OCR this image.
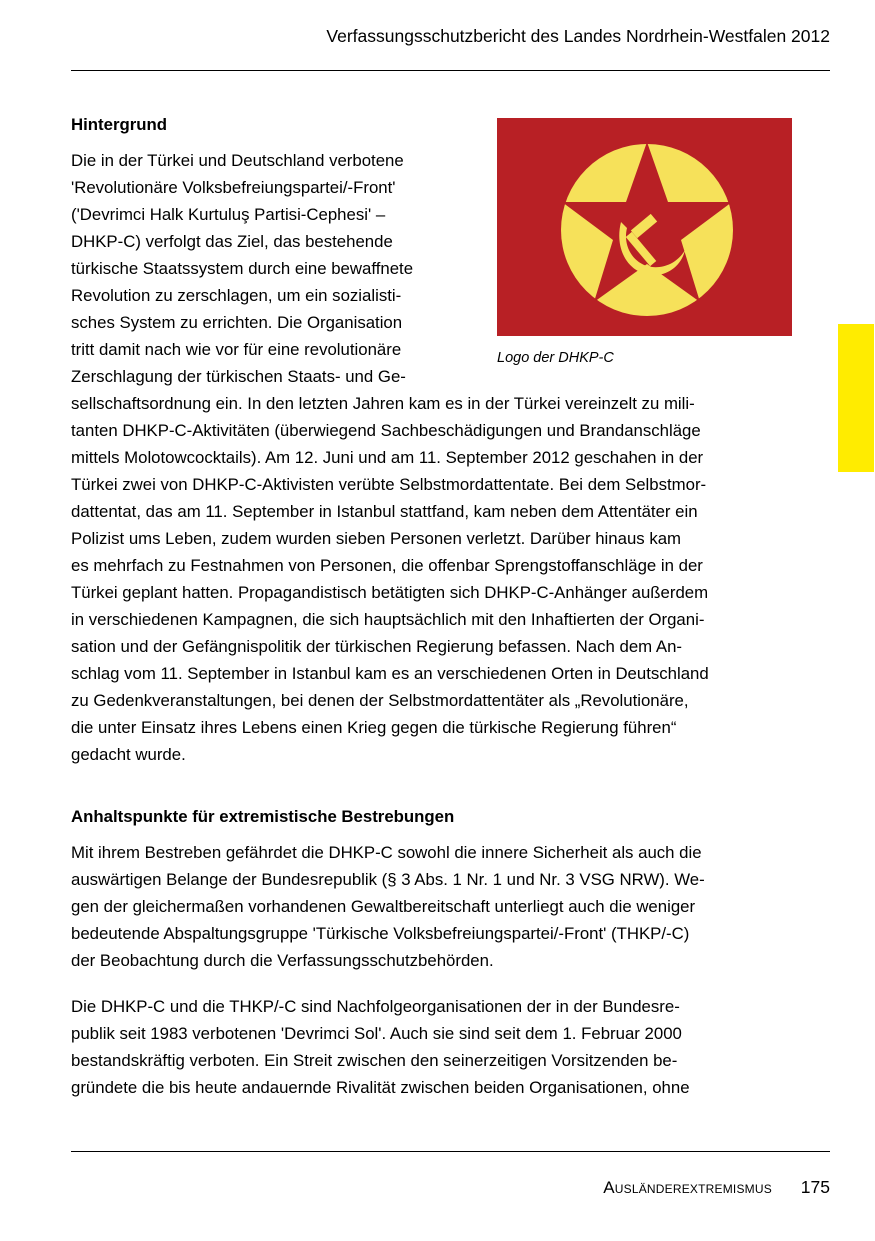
Verfassungsschutzbericht des Landes Nordrhein-Westfalen 2012
Logo der DHKP-C
Hintergrund

Die in der Türkei und Deutschland verbotene
'Revolutionäre Volksbefreiungspartei/-Front'
('Devrimci Halk Kurtuluş Partisi-Cephesi' –
DHKP-C) verfolgt das Ziel, das bestehende
türkische Staatssystem durch eine bewaffnete
Revolution zu zerschlagen, um ein sozialisti-
sches System zu errichten. Die Organisation
tritt damit nach wie vor für eine revolutionäre
Zerschlagung der türkischen Staats- und Ge-
sellschaftsordnung ein. In den letzten Jahren kam es in der Türkei vereinzelt zu mili-
tanten DHKP-C-Aktivitäten (überwiegend Sachbeschädigungen und Brandanschläge
mittels Molotowcocktails). Am 12. Juni und am 11. September 2012 geschahen in der
Türkei zwei von DHKP-C-Aktivisten verübte Selbstmordattentate. Bei dem Selbstmor-
dattentat, das am 11. September in Istanbul stattfand, kam neben dem Attentäter ein
Polizist ums Leben, zudem wurden sieben Personen verletzt. Darüber hinaus kam
es mehrfach zu Festnahmen von Personen, die offenbar Sprengstoffanschläge in der
Türkei geplant hatten. Propagandistisch betätigten sich DHKP-C-Anhänger außerdem
in verschiedenen Kampagnen, die sich hauptsächlich mit den Inhaftierten der Organi-
sation und der Gefängnispolitik der türkischen Regierung befassen. Nach dem An-
schlag vom 11. September in Istanbul kam es an verschiedenen Orten in Deutschland
zu Gedenkveranstaltungen, bei denen der Selbstmordattentäter als „Revolutionäre,
die unter Einsatz ihres Lebens einen Krieg gegen die türkische Regierung führen“
gedacht wurde.

Anhaltspunkte für extremistische Bestrebungen

Mit ihrem Bestreben gefährdet die DHKP-C sowohl die innere Sicherheit als auch die
auswärtigen Belange der Bundesrepublik (§ 3 Abs. 1 Nr. 1 und Nr. 3 VSG NRW). We-
gen der gleichermaßen vorhandenen Gewaltbereitschaft unterliegt auch die weniger
bedeutende Abspaltungsgruppe 'Türkische Volksbefreiungspartei/-Front' (THKP/-C)
der Beobachtung durch die Verfassungsschutzbehörden.

Die DHKP-C und die THKP/-C sind Nachfolgeorganisationen der in der Bundesre-
publik seit 1983 verbotenen 'Devrimci Sol'. Auch sie sind seit dem 1. Februar 2000
bestandskräftig verboten. Ein Streit zwischen den seinerzeitigen Vorsitzenden be-
gründete die bis heute andauernde Rivalität zwischen beiden Organisationen, ohne

Ausländerextremismus 175
